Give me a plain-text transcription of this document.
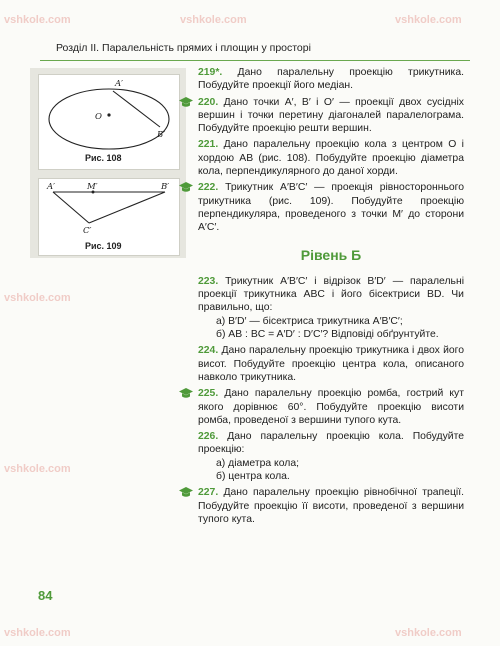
vshkole.com	vshkole.com	vshkole.com
vshkole.com
vshkole.com
vshkole.com	vshkole.com
Розділ ІІ. Паралельність прямих і площин у просторі
A′
O
B′
Рис. 108
A′	M′	B′
C′
Рис. 109
219*. Дано паралельну проекцію трикутника. Побудуйте проекції його медіан.
220. Дано точки A′, B′ і O′ — проекції двох сусідніх вершин і точки перетину діагоналей паралелограма. Побудуйте проекцію решти вершин.
221. Дано паралельну проекцію кола з центром O і хордою AB (рис. 108). Побудуйте проекцію діаметра кола, перпендикулярного до даної хорди.
222. Трикутник A′B′C′ — проекція рівностороннього трикутника (рис. 109). Побудуйте проекцію перпендикуляра, проведеного з точки M′ до сторони A′C′.
Рівень Б
223. Трикутник A′B′C′ і відрізок B′D′ — паралельні проекції трикутника ABC і його бісектриси BD. Чи правильно, що:
а) B′D′ — бісектриса трикутника A′B′C′;
б) AB : BC = A′D′ : D′C′? Відповіді обґрунтуйте.
224. Дано паралельну проекцію трикутника і двох його висот. Побудуйте проекцію центра кола, описаного навколо трикутника.
225. Дано паралельну проекцію ромба, гострий кут якого дорівнює 60°. Побудуйте проекцію висоти ромба, проведеної з вершини тупого кута.
226. Дано паралельну проекцію кола. Побудуйте проекцію:
а) діаметра кола;
б) центра кола.
227. Дано паралельну проекцію рівнобічної трапеції. Побудуйте проекцію її висоти, проведеної з вершини тупого кута.
84
